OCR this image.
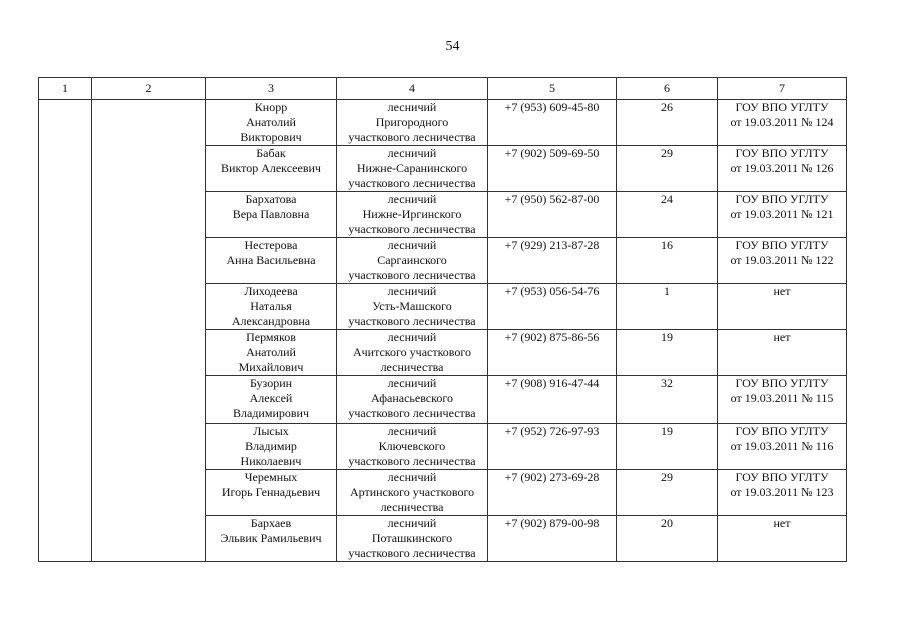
54
1	2	3	4	5	6	7

		Кнорр
Анатолий
Викторович	лесничий
Пригородного
участкового лесничества	+7 (953) 609-45-80	26	ГОУ ВПО УГЛТУ
от 19.03.2011 № 124

		Бабак
Виктор Алексеевич	лесничий
Нижне-Саранинского
участкового лесничества	+7 (902) 509-69-50	29	ГОУ ВПО УГЛТУ
от 19.03.2011 № 126

		Бархатова
Вера Павловна	лесничий
Нижне-Иргинского
участкового лесничества	+7 (950) 562-87-00	24	ГОУ ВПО УГЛТУ
от 19.03.2011 № 121

		Нестерова
Анна Васильевна	лесничий
Саргаинского
участкового лесничества	+7 (929) 213-87-28	16	ГОУ ВПО УГЛТУ
от 19.03.2011 № 122

		Лиходеева
Наталья
Александровна	лесничий
Усть-Машского
участкового лесничества	+7 (953) 056-54-76	1	нет

		Пермяков
Анатолий
Михайлович	лесничий
Ачитского участкового
лесничества	+7 (902) 875-86-56	19	нет

		Бузорин
Алексей
Владимирович	лесничий
Афанасьевского
участкового лесничества	+7 (908) 916-47-44	32	ГОУ ВПО УГЛТУ
от 19.03.2011 № 115

		Лысых
Владимир
Николаевич	лесничий
Ключевского
участкового лесничества	+7 (952) 726-97-93	19	ГОУ ВПО УГЛТУ
от 19.03.2011 № 116

		Черемных
Игорь Геннадьевич	лесничий
Артинского участкового
лесничества	+7 (902) 273-69-28	29	ГОУ ВПО УГЛТУ
от 19.03.2011 № 123

		Бархаев
Эльвик Рамильевич	лесничий
Поташкинского
участкового лесничества	+7 (902) 879-00-98	20	нет
